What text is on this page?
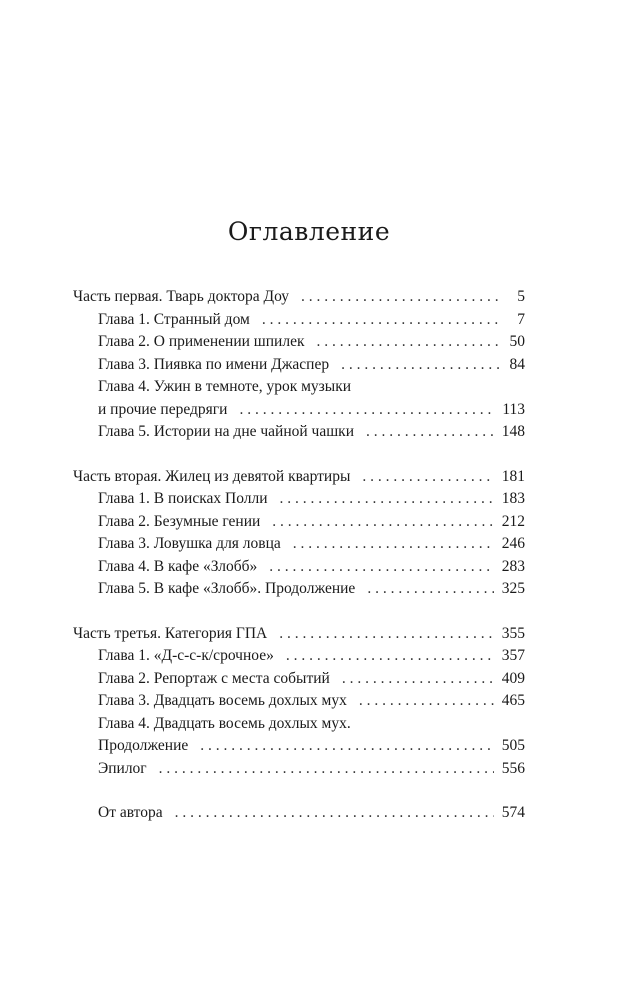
Оглавление
Часть первая. Тварь доктора Доу . . .	5
Глава 1. Странный дом . . .	7
Глава 2. О применении шпилек . . .	50
Глава 3. Пиявка по имени Джаспер . . .	84
Глава 4. Ужин в темноте, урок музыки
и прочие передряги . . .	113
Глава 5. Истории на дне чайной чашки . . .	148
Часть вторая. Жилец из девятой квартиры . . .	181
Глава 1. В поисках Полли . . .	183
Глава 2. Безумные гении . . .	212
Глава 3. Ловушка для ловца . . .	246
Глава 4. В кафе «Злобб» . . .	283
Глава 5. В кафе «Злобб». Продолжение . . .	325
Часть третья. Категория ГПА . . .	355
Глава 1. «Д-с-с-к/срочное» . . .	357
Глава 2. Репортаж с места событий . . .	409
Глава 3. Двадцать восемь дохлых мух . . .	465
Глава 4. Двадцать восемь дохлых мух.
Продолжение . . .	505
Эпилог . . .	556
От автора . . .	574
